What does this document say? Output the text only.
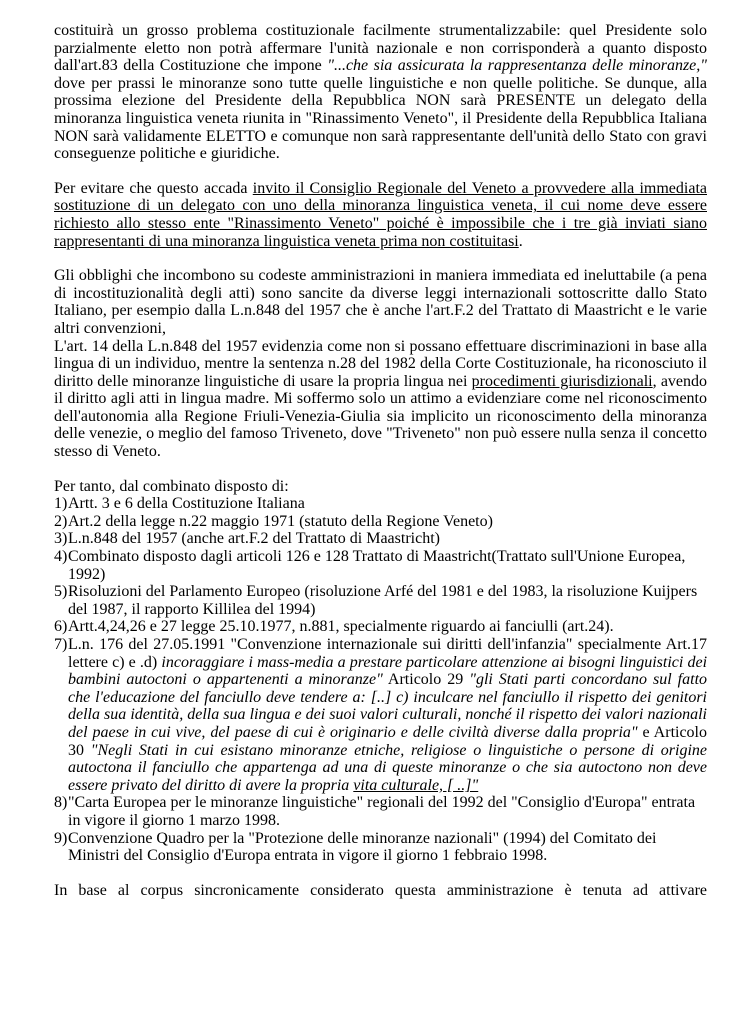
costituirà un grosso problema costituzionale facilmente strumentalizzabile: quel Presidente solo parzialmente eletto non potrà affermare l'unità nazionale e non corrisponderà a quanto disposto dall'art.83 della Costituzione che impone "...che sia assicurata la rappresentanza delle minoranze," dove per prassi le minoranze sono tutte quelle linguistiche e non quelle politiche. Se dunque, alla prossima elezione del Presidente della Repubblica NON sarà PRESENTE un delegato della minoranza linguistica veneta riunita in "Rinassimento Veneto", il Presidente della Repubblica Italiana NON sarà validamente ELETTO e comunque non sarà rappresentante dell'unità dello Stato con gravi conseguenze politiche e giuridiche.

Per evitare che questo accada invito il Consiglio Regionale del Veneto a provvedere alla immediata sostituzione di un delegato con uno della minoranza linguistica veneta, il cui nome deve essere richiesto allo stesso ente "Rinassimento Veneto" poiché è impossibile che i tre già inviati siano rappresentanti di una minoranza linguistica veneta prima non costituitasi.

Gli obblighi che incombono su codeste amministrazioni in maniera immediata ed ineluttabile (a pena di incostituzionalità degli atti) sono sancite da diverse leggi internazionali sottoscritte dallo Stato Italiano, per esempio dalla L.n.848 del 1957 che è anche l'art.F.2 del Trattato di Maastricht e le varie altri convenzioni,

L'art. 14 della L.n.848 del 1957 evidenzia come non si possano effettuare discriminazioni in base alla lingua di un individuo, mentre la sentenza n.28 del 1982 della Corte Costituzionale, ha riconosciuto il diritto delle minoranze linguistiche di usare la propria lingua nei procedimenti giurisdizionali, avendo il diritto agli atti in lingua madre. Mi soffermo solo un attimo a evidenziare come nel riconoscimento dell'autonomia alla Regione Friuli-Venezia-Giulia sia implicito un riconoscimento della minoranza delle venezie, o meglio del famoso Triveneto, dove "Triveneto" non può essere nulla senza il concetto stesso di Veneto.

Per tanto, dal combinato disposto di:

1) Artt. 3 e 6 della Costituzione Italiana
2) Art.2 della legge n.22 maggio 1971 (statuto della Regione Veneto)
3) L.n.848 del 1957 (anche art.F.2 del Trattato di Maastricht)
4) Combinato disposto dagli articoli 126 e 128 Trattato di Maastricht(Trattato sull'Unione Europea, 1992)
5) Risoluzioni del Parlamento Europeo (risoluzione Arfé del 1981 e del 1983, la risoluzione Kuijpers del 1987, il rapporto Killilea del 1994)
6) Artt.4,24,26 e 27 legge 25.10.1977, n.881, specialmente riguardo ai fanciulli (art.24).
7) L.n. 176 del 27.05.1991 "Convenzione internazionale sui diritti dell'infanzia" specialmente Art.17 lettere c) e .d) incoraggiare i mass-media a prestare particolare attenzione ai bisogni linguistici dei bambini autoctoni o appartenenti a minoranze" Articolo 29 "gli Stati parti concordano sul fatto che l'educazione del fanciullo deve tendere a: [..] c) inculcare nel fanciullo il rispetto dei genitori della sua identità, della sua lingua e dei suoi valori culturali, nonché il rispetto dei valori nazionali del paese in cui vive, del paese di cui è originario e delle civiltà diverse dalla propria" e Articolo 30 "Negli Stati in cui esistano minoranze etniche, religiose o linguistiche o persone di origine autoctona il fanciullo che appartenga ad una di queste minoranze o che sia autoctono non deve essere privato del diritto di avere la propria vita culturale, [ ..]"
8) "Carta Europea per le minoranze linguistiche" regionali del 1992 del "Consiglio d'Europa" entrata in vigore il giorno 1 marzo 1998.
9) Convenzione Quadro per la "Protezione delle minoranze nazionali" (1994) del Comitato dei Ministri del Consiglio d'Europa entrata in vigore il giorno 1 febbraio 1998.

In base al corpus sincronicamente considerato questa amministrazione è tenuta ad attivare
